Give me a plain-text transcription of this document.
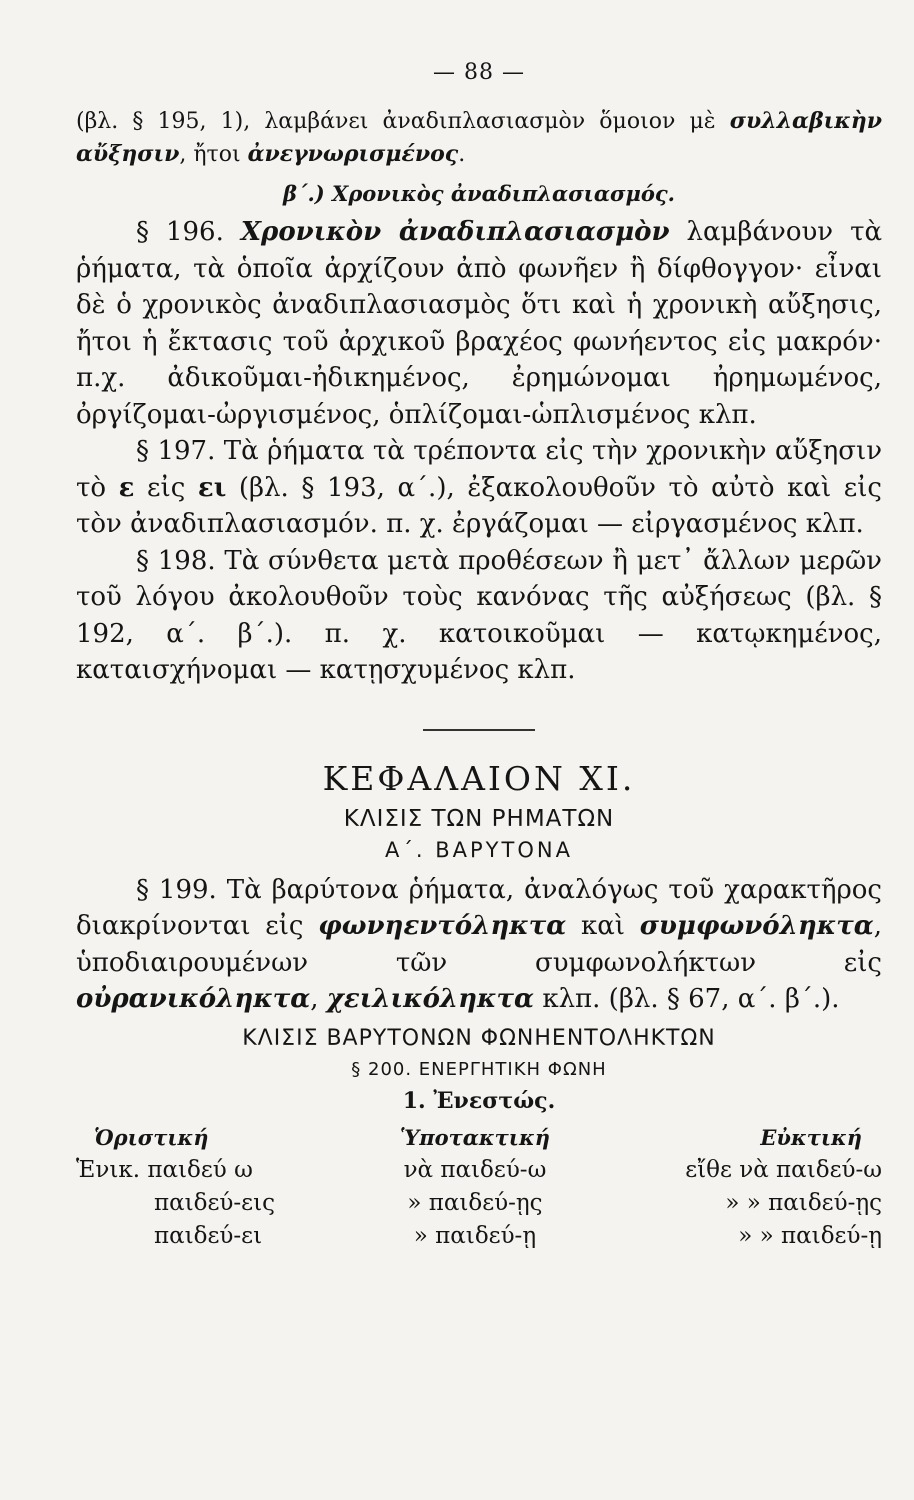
— 88 —

(βλ. § 195, 1), λαμβάνει ἀναδιπλασιασμὸν ὅμοιον μὲ συλλαβικὴν αὔξησιν, ἤτοι ἀνεγνωρισμένος.

β΄.) Χρονικὸς ἀναδιπλασιασμός.

§ 196. Χρονικὸν ἀναδιπλασιασμὸν λαμβάνουν τὰ ῥήματα, τὰ ὁποῖα ἀρχίζουν ἀπὸ φωνῆεν ἢ δίφθογγον· εἶναι δὲ ὁ χρονικὸς ἀναδιπλασιασμὸς ὅτι καὶ ἡ χρονικὴ αὔξησις, ἤτοι ἡ ἔκτασις τοῦ ἀρχικοῦ βραχέος φωνήεντος εἰς μακρόν· π.χ. ἀδικοῦμαι-ἠδικημένος, ἐρημώνομαι ἠρημωμένος, ὀργίζομαι-ὠργισμένος, ὁπλίζομαι-ὡπλισμένος κλπ.

§ 197. Τὰ ῥήματα τὰ τρέποντα εἰς τὴν χρονικὴν αὔξησιν τὸ ε εἰς ει (βλ. § 193, α΄.), ἐξακολουθοῦν τὸ αὐτὸ καὶ εἰς τὸν ἀναδιπλασιασμόν. π. χ. ἐργάζομαι — εἰργασμένος κλπ.

§ 198. Τὰ σύνθετα μετὰ προθέσεων ἢ μετ᾿ ἄλλων μερῶν τοῦ λόγου ἀκολουθοῦν τοὺς κανόνας τῆς αὐξήσεως (βλ. § 192, α΄. β΄.). π. χ. κατοικοῦμαι — κατῳκημένος, καταισχήνομαι — κατῃσχυμένος κλπ.

ΚΕΦΑΛΑΙΟΝ XI.
ΚΛΙΣΙΣ ΤΩΝ ΡΗΜΑΤΩΝ
Α΄. ΒΑΡΥΤΟΝΑ

§ 199. Τὰ βαρύτονα ῥήματα, ἀναλόγως τοῦ χαρακτῆρος διακρίνονται εἰς φωνηεντόληκτα καὶ συμφωνόληκτα, ὑποδιαιρουμένων τῶν συμφωνολήκτων εἰς οὐρανικόληκτα, χειλικόληκτα κλπ. (βλ. § 67, α΄. β΄.).

ΚΛΙΣΙΣ ΒΑΡΥΤΟΝΩΝ ΦΩΝΗΕΝΤΟΛΗΚΤΩΝ
§ 200. ΕΝΕΡΓΗΤΙΚΗ ΦΩΝΗ
1. Ἐνεστώς.
Ὁριστική	Ὑποτακτική	Εὐκτική
Ἑνικ. παιδεύ ω	νὰ παιδεύ-ω	εἴθε νὰ παιδεύ-ω
παιδεύ-εις	» παιδεύ-ῃς	» » παιδεύ-ῃς
παιδεύ-ει	» παιδεύ-ῃ	» » παιδεύ-ῃ
